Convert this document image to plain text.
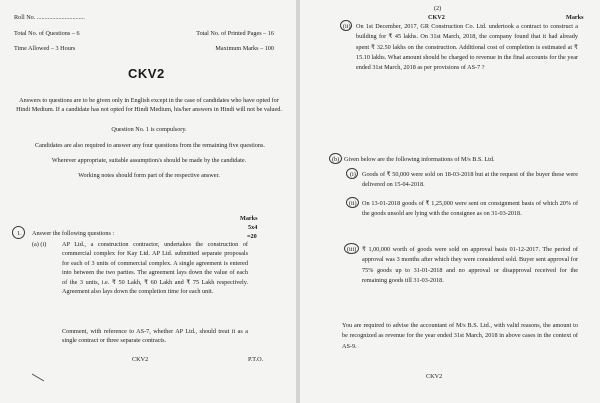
Roll No. ...............................
Total No. of Questions – 6	Total No. of Printed Pages – 16
Time Allowed – 3 Hours	Maximum Marks – 100
CKV2
Answers to questions are to be given only in English except in the case of candidates who have opted for Hindi Medium. If a candidate has not opted for Hindi Medium, his/her answers in Hindi will not be valued.
Question No. 1 is compulsory.
Candidates are also required to answer any four questions from the remaining five questions.
Wherever appropriate, suitable assumption/s should be made by the candidate.
Working notes should form part of the respective answer.
Marks
5x4
=20
1. Answer the following questions :
(a) (i)	AP Ltd., a construction contractor, undertakes the construction of commercial complex for Kay Ltd. AP Ltd. submitted separate proposals for each of 3 units of commercial complex. A single agreement is entered into between the two parties. The agreement lays down the value of each of the 3 units, i.e. ₹ 50 Lakh, ₹ 60 Lakh and ₹ 75 Lakh respectively. Agreement also lays down the completion time for each unit.
Comment, with reference to AS-7, whether AP Ltd., should treat it as a single contract or three separate contracts.
CKV2	P.T.O.
(2)
CKV2	Marks
(ii) On 1st December, 2017, GR Construction Co. Ltd. undertook a contract to construct a building for ₹ 45 lakhs. On 31st March, 2018, the company found that it had already spent ₹ 32.50 lakhs on the construction. Additional cost of completion is estimated at ₹ 15.10 lakhs. What amount should be charged to revenue in the final accounts for the year ended 31st March, 2018 as per provisions of AS-7 ?
(b) Given below are the following informations of M/s B.S. Ltd.
(i) Goods of ₹ 50,000 were sold on 18-03-2018 but at the request of the buyer these were delivered on 15-04-2018.
(ii) On 13-01-2018 goods of ₹ 1,25,000 were sent on consignment basis of which 20% of the goods unsold are lying with the consignee as on 31-03-2018.
(iii) ₹ 1,00,000 worth of goods were sold on approval basis 01-12-2017. The period of approval was 3 months after which they were considered sold. Buyer sent approval for 75% goods up to 31-01-2018 and no approval or disapproval received for the remaining goods till 31-03-2018.
You are required to advise the accountant of M/s B.S. Ltd., with valid reasons, the amount to be recognized as revenue for the year ended 31st March, 2018 in above cases in the context of AS-9.
CKV2
